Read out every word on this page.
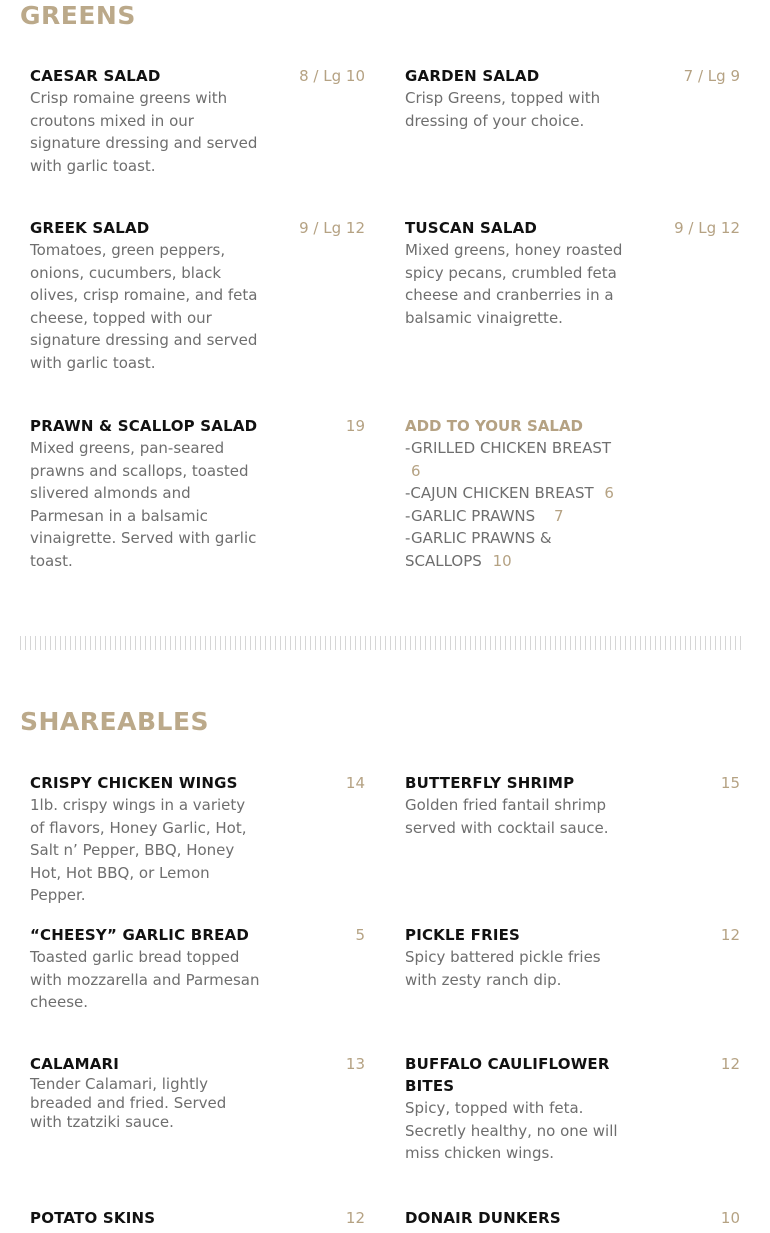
GREENS
CAESAR SALAD	8 / Lg 10

Crisp romaine greens with croutons mixed in our signature dressing and served with garlic toast.

GARDEN SALAD	7 / Lg 9

Crisp Greens, topped with dressing of your choice.

GREEK SALAD	9 / Lg 12

Tomatoes, green peppers, onions, cucumbers, black olives, crisp romaine, and feta cheese, topped with our signature dressing and served with garlic toast.

TUSCAN SALAD	9 / Lg 12

Mixed greens, honey roasted spicy pecans, crumbled feta cheese and cranberries in a balsamic vinaigrette.

PRAWN & SCALLOP SALAD	19

Mixed greens, pan-seared prawns and scallops, toasted slivered almonds and Parmesan in a balsamic vinaigrette. Served with garlic toast.

ADD TO YOUR SALAD
-GRILLED CHICKEN BREAST 6
-CAJUN CHICKEN BREAST 6
-GARLIC PRAWNS 7
-GARLIC PRAWNS & SCALLOPS 10
SHAREABLES
CRISPY CHICKEN WINGS	14

1lb. crispy wings in a variety of flavors, Honey Garlic, Hot, Salt n’ Pepper, BBQ, Honey Hot, Hot BBQ, or Lemon Pepper.

BUTTERFLY SHRIMP	15

Golden fried fantail shrimp served with cocktail sauce.

“CHEESY” GARLIC BREAD	5

Toasted garlic bread topped with mozzarella and Parmesan cheese.

PICKLE FRIES	12

Spicy battered pickle fries with zesty ranch dip.

CALAMARI	13

Tender Calamari, lightly breaded and fried. Served with tzatziki sauce.

BUFFALO CAULIFLOWER BITES
12

Spicy, topped with feta. Secretly healthy, no one will miss chicken wings.

POTATO SKINS	12	DONAIR DUNKERS	10
